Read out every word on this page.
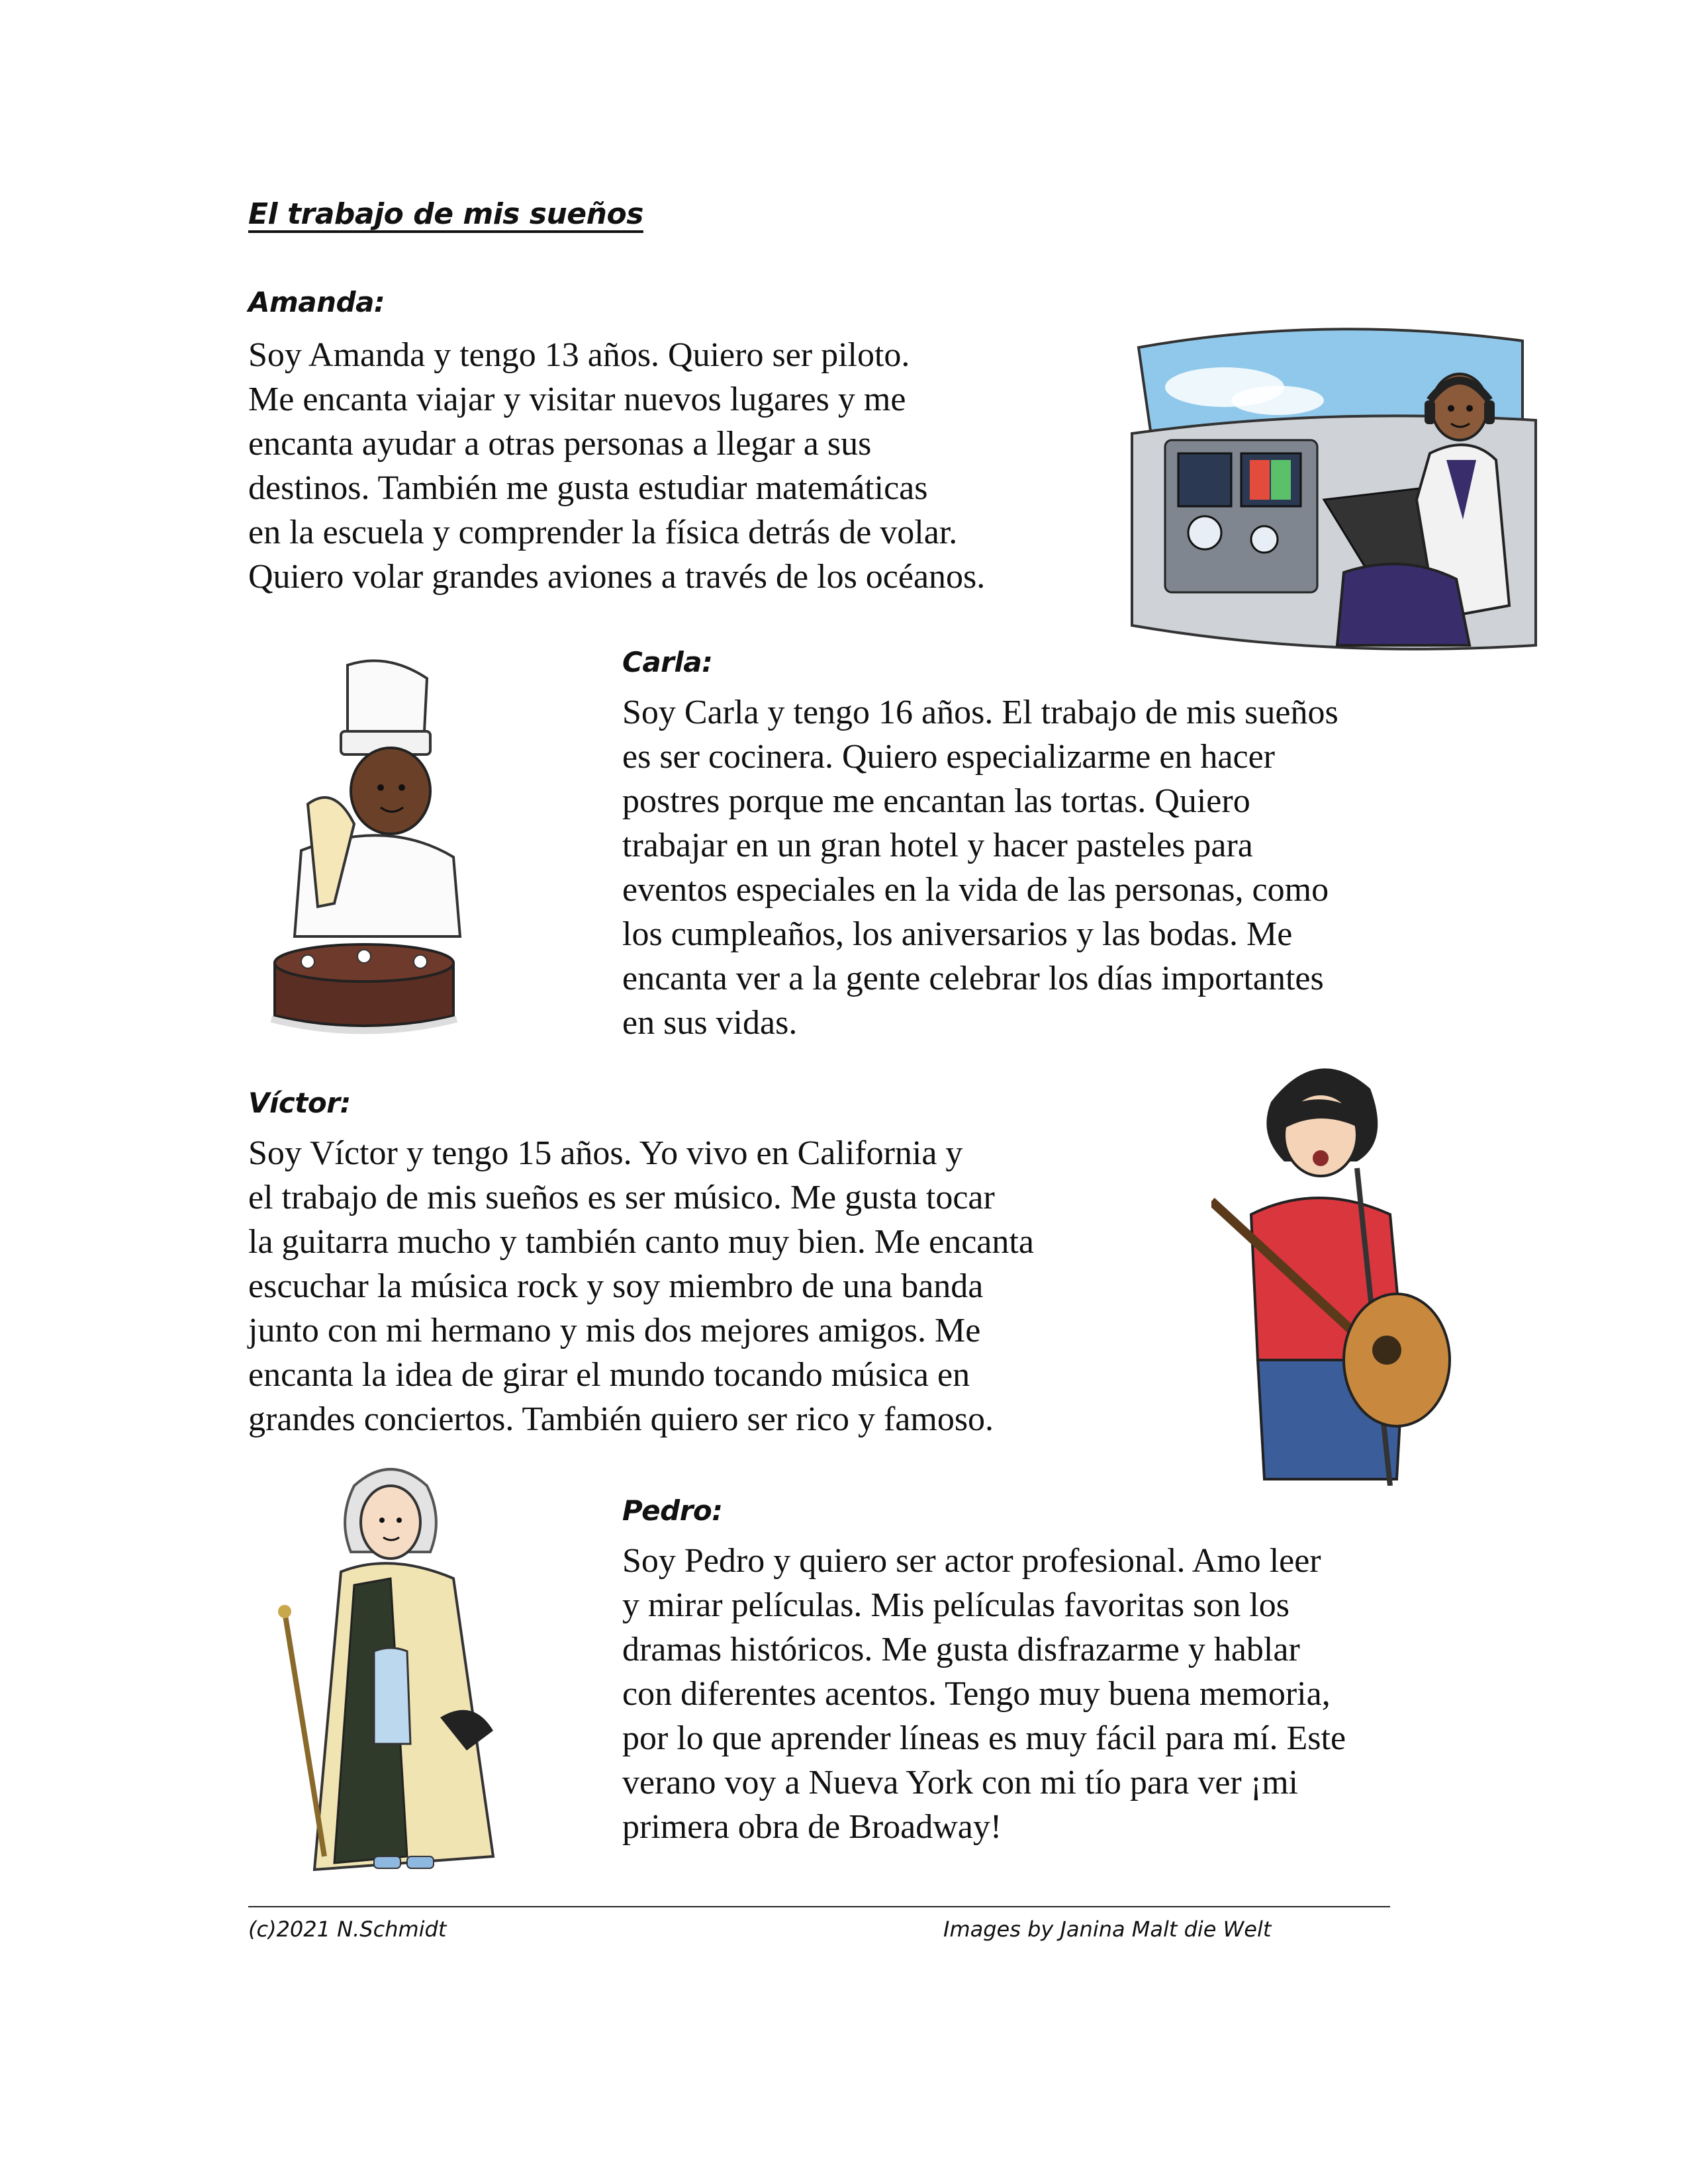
El trabajo de mis sueños
Amanda:

Soy Amanda y tengo 13 años. Quiero ser piloto.
Me encanta viajar y visitar nuevos lugares y me
encanta ayudar a otras personas a llegar a sus
destinos. También me gusta estudiar matemáticas
en la escuela y comprender la física detrás de volar.
Quiero volar grandes aviones a través de los océanos.

Carla:

Soy Carla y tengo 16 años. El trabajo de mis sueños
es ser cocinera. Quiero especializarme en hacer
postres porque me encantan las tortas. Quiero
trabajar en un gran hotel y hacer pasteles para
eventos especiales en la vida de las personas, como
los cumpleaños, los aniversarios y las bodas. Me
encanta ver a la gente celebrar los días importantes
en sus vidas.

Víctor:

Soy Víctor y tengo 15 años. Yo vivo en California y
el trabajo de mis sueños es ser músico. Me gusta tocar
la guitarra mucho y también canto muy bien. Me encanta
escuchar la música rock y soy miembro de una banda
junto con mi hermano y mis dos mejores amigos. Me
encanta la idea de girar el mundo tocando música en
grandes conciertos. También quiero ser rico y famoso.

Pedro:

Soy Pedro y quiero ser actor profesional. Amo leer
y mirar películas. Mis películas favoritas son los
dramas históricos. Me gusta disfrazarme y hablar
con diferentes acentos. Tengo muy buena memoria,
por lo que aprender líneas es muy fácil para mí. Este
verano voy a Nueva York con mi tío para ver ¡mi
primera obra de Broadway!

(c)2021 N.Schmidt	Images by Janina Malt die Welt
